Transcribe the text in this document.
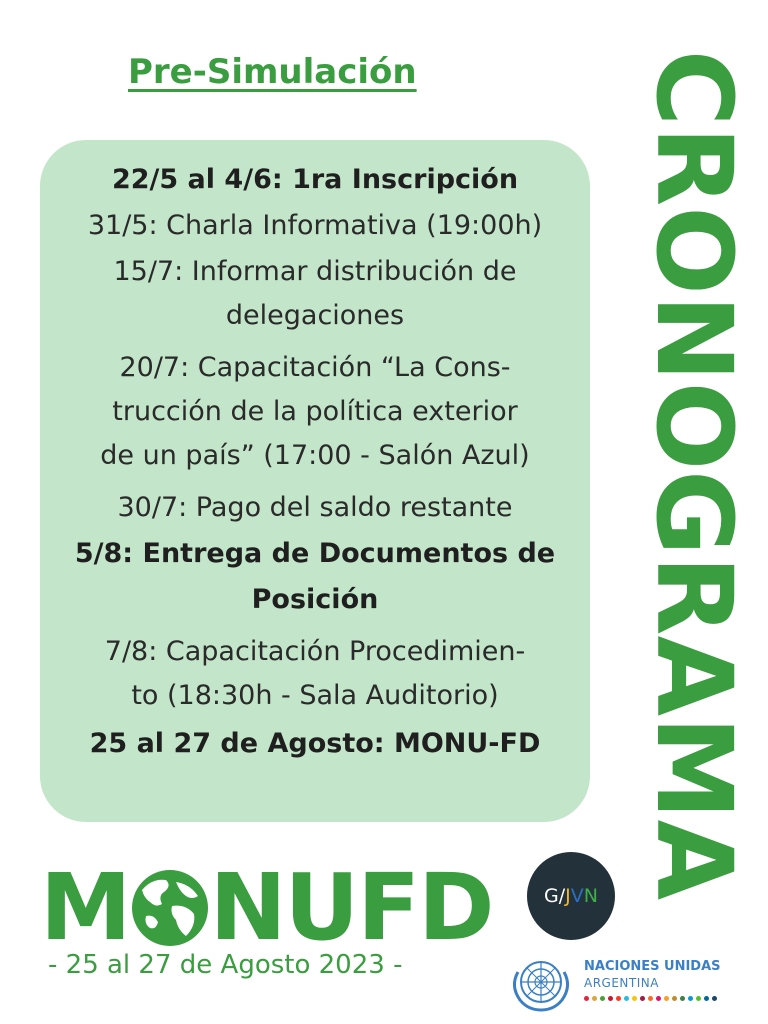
Pre-Simulación CRONOGRAMA
22/5 al 4/6: 1ra Inscripción
31/5: Charla Informativa (19:00h)
15/7: Informar distribución de
delegaciones
20/7: Capacitación “La Cons-
trucción de la política exterior
de un país” (17:00 - Salón Azul)
30/7: Pago del saldo restante
5/8: Entrega de Documentos de
Posición
7/8: Capacitación Procedimien-
to (18:30h - Sala Auditorio)
25 al 27 de Agosto: MONU-FD
M NUFD
- 25 al 27 de Agosto 2023 -
G / J V N
NACIONES UNIDAS
ARGENTINA
